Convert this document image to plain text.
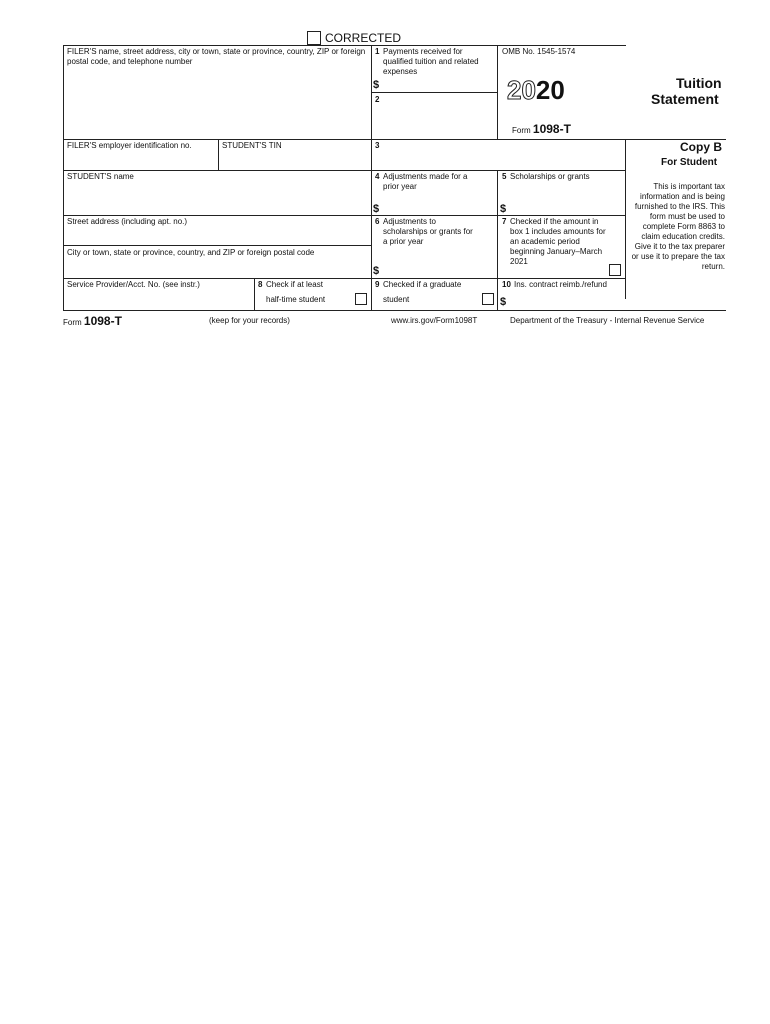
CORRECTED
FILER'S name, street address, city or town, state or province, country, ZIP or foreign postal code, and telephone number
1 Payments received for qualified tuition and related expenses
$
2
OMB No. 1545-1574
2020
Form 1098-T
Tuition
Statement
Copy B
For Student
This is important tax information and is being furnished to the IRS. This form must be used to complete Form 8863 to claim education credits. Give it to the tax preparer or use it to prepare the tax return.
FILER'S employer identification no.	STUDENT'S TIN	3
STUDENT'S name	4 Adjustments made for a prior year
$
5 Scholarships or grants
$
Street address (including apt. no.)
City or town, state or province, country, and ZIP or foreign postal code
6 Adjustments to scholarships or grants for a prior year
$
7 Checked if the amount in box 1 includes amounts for an academic period beginning January–March 2021
Service Provider/Acct. No. (see instr.)	8 Check if at least
half-time student
9 Checked if a graduate
student
10 Ins. contract reimb./refund
$
Form 1098-T	(keep for your records)	www.irs.gov/Form1098T	Department of the Treasury - Internal Revenue Service
